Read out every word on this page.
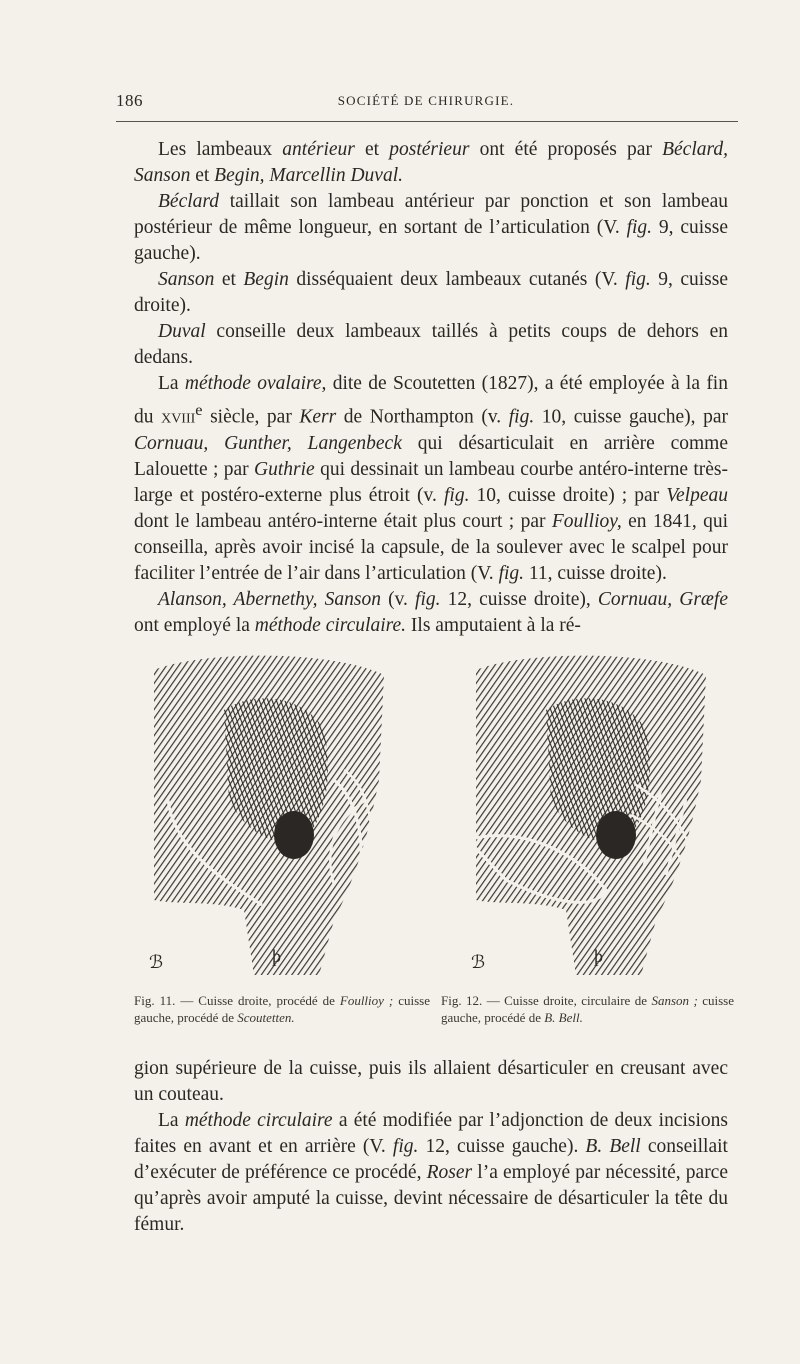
186	SOCIÉTÉ DE CHIRURGIE.

Les lambeaux antérieur et postérieur ont été proposés par Béclard, Sanson et Begin, Marcellin Duval.

Béclard taillait son lambeau antérieur par ponction et son lambeau postérieur de même longueur, en sortant de l’articulation (V. fig. 9, cuisse gauche).

Sanson et Begin disséquaient deux lambeaux cutanés (V. fig. 9, cuisse droite).

Duval conseille deux lambeaux taillés à petits coups de dehors en dedans.

La méthode ovalaire, dite de Scoutetten (1827), a été employée à la fin du xviii$^e$ siècle, par Kerr de Northampton (v. fig. 10, cuisse gauche), par Cornuau, Gunther, Langenbeck qui désarticulait en arrière comme Lalouette ; par Guthrie qui dessinait un lambeau courbe antéro-interne très-large et postéro-externe plus étroit (v. fig. 10, cuisse droite) ; par Velpeau dont le lambeau antéro-interne était plus court ; par Foullioy, en 1841, qui conseilla, après avoir incisé la capsule, de la soulever avec le scalpel pour faciliter l’entrée de l’air dans l’articulation (V. fig. 11, cuisse droite).

Alanson, Abernethy, Sanson (v. fig. 12, cuisse droite), Cornuau, Græfe ont employé la méthode circulaire. Ils amputaient à la ré-

ℬ	ϸ	ℬ	ϸ
Fig. 11. — Cuisse droite, procédé de Foullioy ; cuisse gauche, procédé de Scoutetten.
Fig. 12. — Cuisse droite, circulaire de Sanson ; cuisse gauche, procédé de B. Bell.

gion supérieure de la cuisse, puis ils allaient désarticuler en creusant avec un couteau.

La méthode circulaire a été modifiée par l’adjonction de deux incisions faites en avant et en arrière (V. fig. 12, cuisse gauche). B. Bell conseillait d’exécuter de préférence ce procédé, Roser l’a employé par nécessité, parce qu’après avoir amputé la cuisse, devint nécessaire de désarticuler la tête du fémur.
